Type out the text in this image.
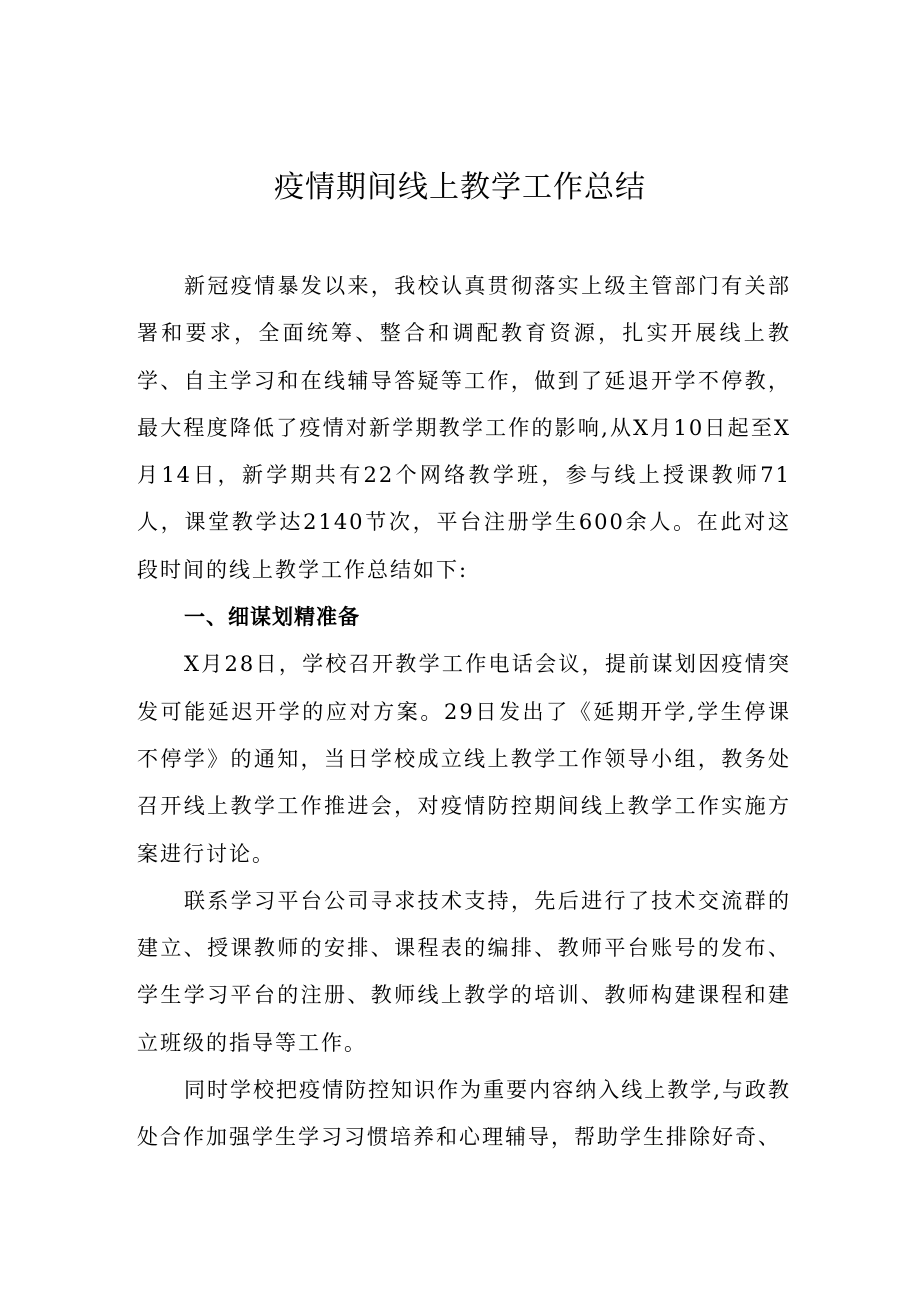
疫情期间线上教学工作总结

新冠疫情暴发以来，我校认真贯彻落实上级主管部门有关部署和要求，全面统筹、整合和调配教育资源，扎实开展线上教学、自主学习和在线辅导答疑等工作，做到了延退开学不停教，最大程度降低了疫情对新学期教学工作的影响,从X月10日起至X月14日，新学期共有22个网络教学班，参与线上授课教师71人，课堂教学达2140节次，平台注册学生600余人。在此对这段时间的线上教学工作总结如下:

一、细谋划精准备

X月28日，学校召开教学工作电话会议，提前谋划因疫情突发可能延迟开学的应对方案。29日发出了《延期开学,学生停课不停学》的通知，当日学校成立线上教学工作领导小组，教务处召开线上教学工作推进会，对疫情防控期间线上教学工作实施方案进行讨论。

联系学习平台公司寻求技术支持，先后进行了技术交流群的建立、授课教师的安排、课程表的编排、教师平台账号的发布、学生学习平台的注册、教师线上教学的培训、教师构建课程和建立班级的指导等工作。

同时学校把疫情防控知识作为重要内容纳入线上教学,与政教处合作加强学生学习习惯培养和心理辅导，帮助学生排除好奇、
